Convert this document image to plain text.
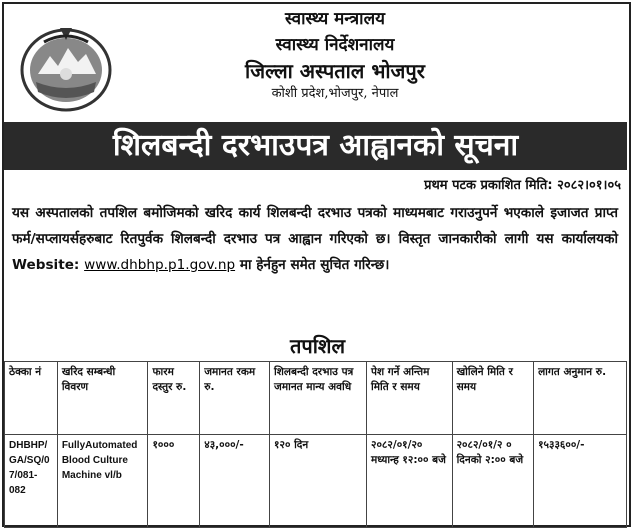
स्वास्थ्य मन्त्रालय
स्वास्थ्य निर्देशनालय
जिल्ला अस्पताल भोजपुर
कोशी प्रदेश,भोजपुर, नेपाल
शिलबन्दी दरभाउपत्र आह्वानको सूचना
प्रथम पटक प्रकाशित मिति: २०८२।०१।०५
यस अस्पतालको तपशिल बमोजिमको खरिद कार्य शिलबन्दी दरभाउ पत्रको माध्यमबाट गराउनुपर्ने भएकाले इजाजत प्राप्त फर्म/सप्लायर्सहरुबाट रितपुर्वक शिलबन्दी दरभाउ पत्र आह्वान गरिएको छ। विस्तृत जानकारीको लागी यस कार्यालयको Website: www.dhbhp.p1.gov.np मा हेर्नहुन समेत सुचित गरिन्छ।
तपशिल
ठेक्का नं	खरिद सम्बन्धी विवरण	फारम दस्तुर रु.	जमानत रकम रु.	शिलबन्दी दरभाउ पत्र जमानत मान्य अवधि	पेश गर्ने अन्तिम मिति र समय	खोलिने मिति र समय	लागत अनुमान रु.
DHBHP/ GA/SQ/0 7/081-082	FullyAutomated Blood Culture Machine vl/b	१०००	४३,०००/-	१२० दिन	२०८२/०१/२० मध्यान्ह १२:०० बजे	२०८२/०१/२ ० दिनको २:०० बजे	१५३३६००/-
